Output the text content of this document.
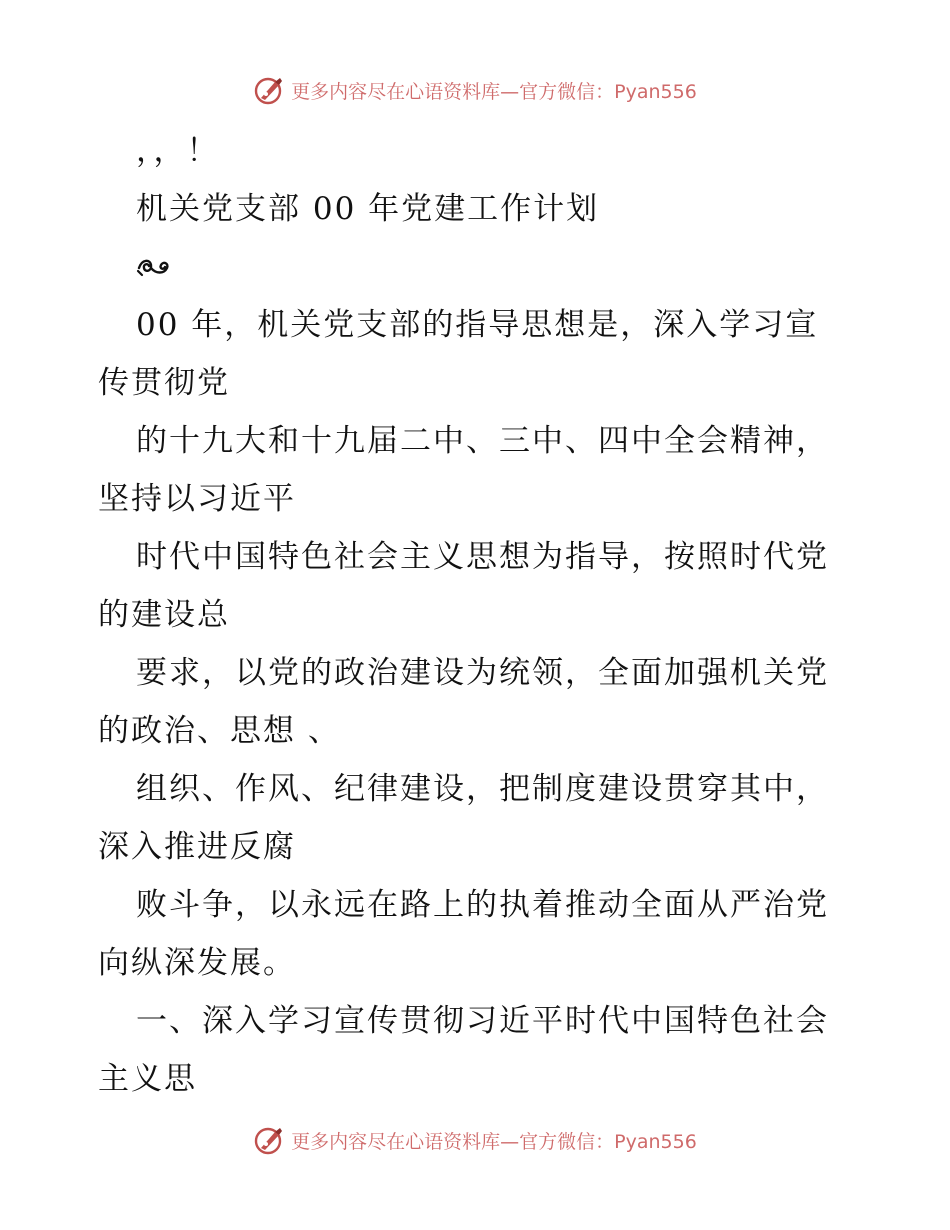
更多内容尽在心语资料库—官方微信：Pyan556
，，！
机关党支部 00 年党建工作计划
00 年，机关党支部的指导思想是，深入学习宣
传贯彻党
的十九大和十九届二中、三中、四中全会精神，
坚持以习近平
时代中国特色社会主义思想为指导，按照时代党
的建设总
要求，以党的政治建设为统领，全面加强机关党
的政治、思想 、
组织、作风、纪律建设，把制度建设贯穿其中，
深入推进反腐
败斗争，以永远在路上的执着推动全面从严治党
向纵深发展。
一、深入学习宣传贯彻习近平时代中国特色社会
主义思
更多内容尽在心语资料库—官方微信：Pyan556
